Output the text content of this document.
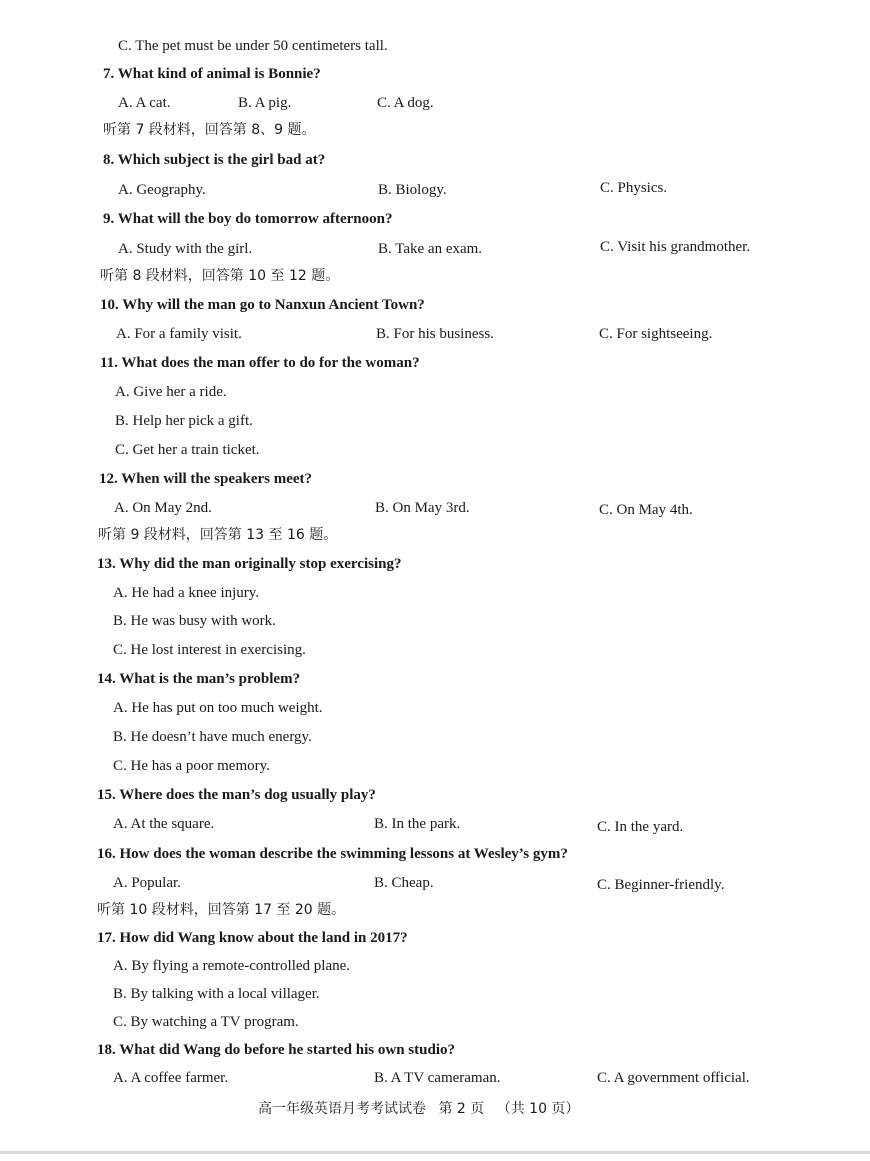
C. The pet must be under 50 centimeters tall.
7. What kind of animal is Bonnie?
A. A cat.	B. A pig.	C. A dog.
听第 7 段材料，回答第 8、9 题。
8. Which subject is the girl bad at?
A. Geography.	B. Biology.	C. Physics.
9. What will the boy do tomorrow afternoon?
A. Study with the girl.	B. Take an exam.	C. Visit his grandmother.
听第 8 段材料，回答第 10 至 12 题。
10. Why will the man go to Nanxun Ancient Town?
A. For a family visit.	B. For his business.	C. For sightseeing.
11. What does the man offer to do for the woman?
A. Give her a ride.
B. Help her pick a gift.
C. Get her a train ticket.
12. When will the speakers meet?
A. On May 2nd.	B. On May 3rd.	C. On May 4th.
听第 9 段材料，回答第 13 至 16 题。
13. Why did the man originally stop exercising?
A. He had a knee injury.
B. He was busy with work.
C. He lost interest in exercising.
14. What is the man’s problem?
A. He has put on too much weight.
B. He doesn’t have much energy.
C. He has a poor memory.
15. Where does the man’s dog usually play?
A. At the square.	B. In the park.	C. In the yard.
16. How does the woman describe the swimming lessons at Wesley’s gym?
A. Popular.	B. Cheap.	C. Beginner-friendly.
听第 10 段材料，回答第 17 至 20 题。
17. How did Wang know about the land in 2017?
A. By flying a remote-controlled plane.
B. By talking with a local villager.
C. By watching a TV program.
18. What did Wang do before he started his own studio?
A. A coffee farmer.	B. A TV cameraman.	C. A government official.
高一年级英语月考考试试卷 第 2 页 （共 10 页）
